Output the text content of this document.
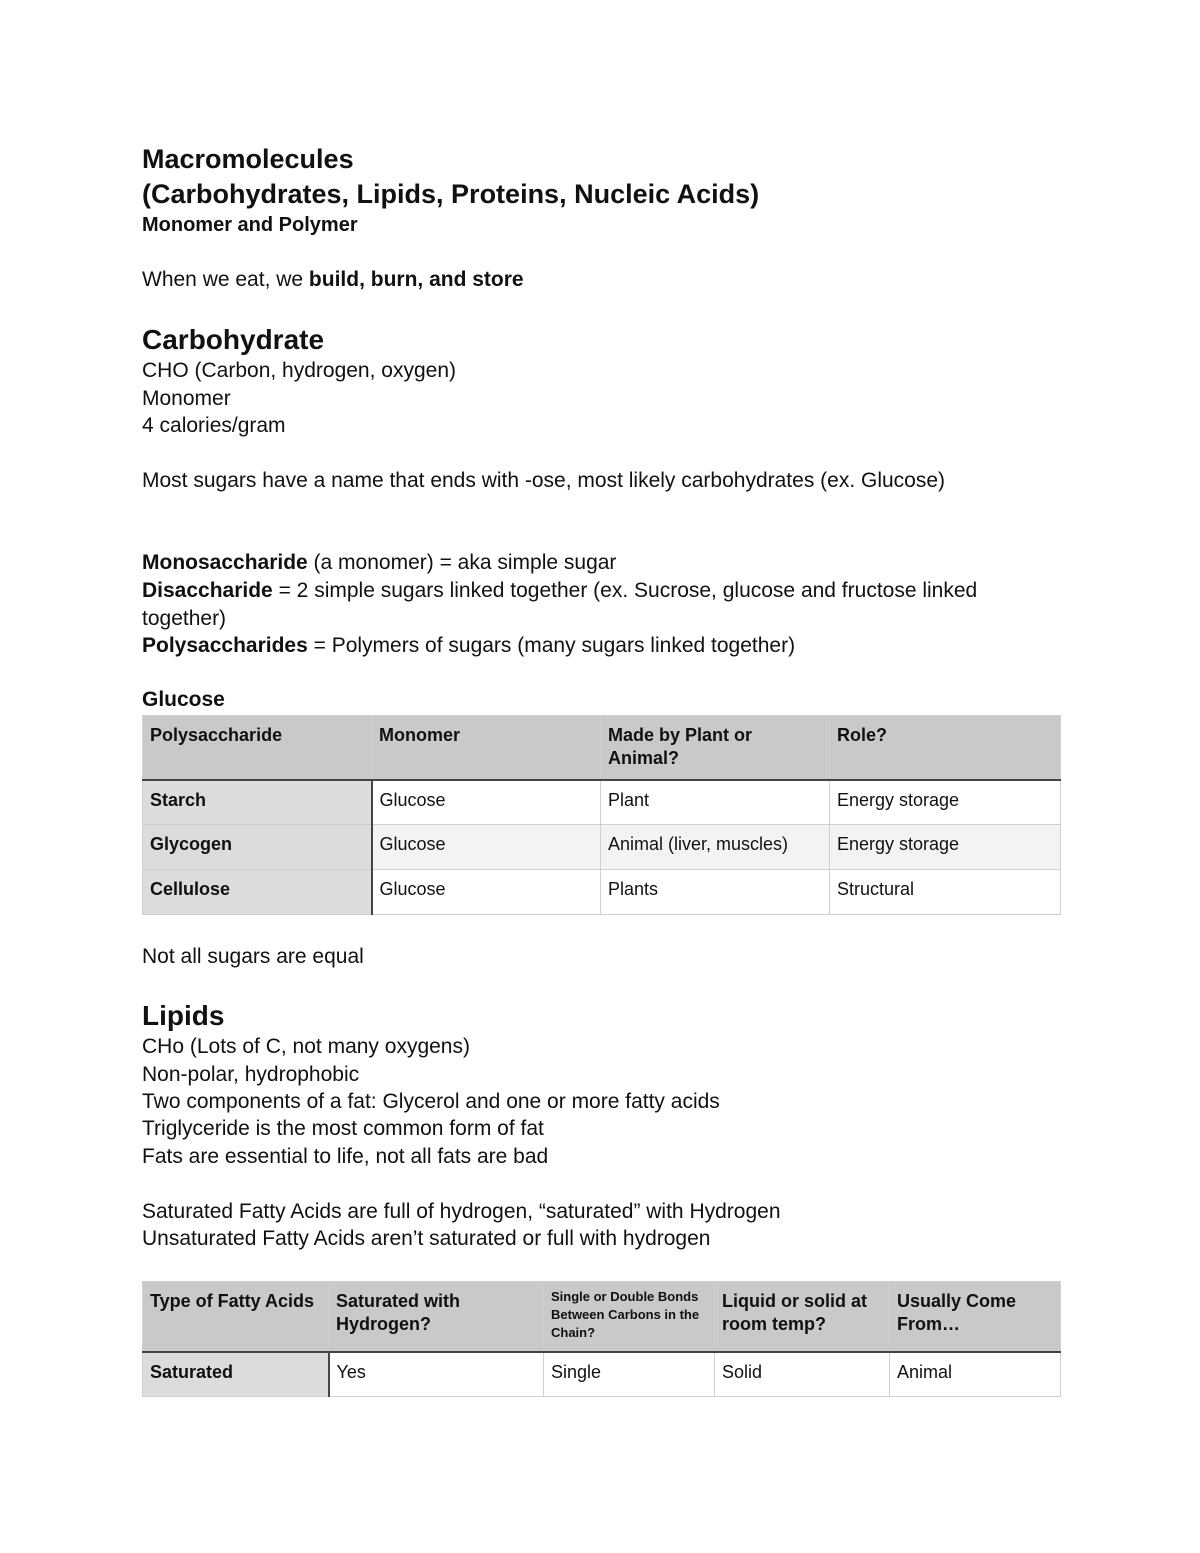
Macromolecules
(Carbohydrates, Lipids, Proteins, Nucleic Acids)
Monomer and Polymer
When we eat, we build, burn, and store
Carbohydrate
CHO (Carbon, hydrogen, oxygen)
Monomer
4 calories/gram
Most sugars have a name that ends with -ose, most likely carbohydrates (ex. Glucose)
Monosaccharide (a monomer) = aka simple sugar
Disaccharide = 2 simple sugars linked together (ex. Sucrose, glucose and fructose linked together)
Polysaccharides = Polymers of sugars (many sugars linked together)
Glucose
Polysaccharide	Monomer	Made by Plant or Animal?	Role?
Starch	Glucose	Plant	Energy storage
Glycogen	Glucose	Animal (liver, muscles)	Energy storage
Cellulose	Glucose	Plants	Structural
Not all sugars are equal
Lipids
CHo (Lots of C, not many oxygens)
Non-polar, hydrophobic
Two components of a fat: Glycerol and one or more fatty acids
Triglyceride is the most common form of fat
Fats are essential to life, not all fats are bad
Saturated Fatty Acids are full of hydrogen, “saturated” with Hydrogen
Unsaturated Fatty Acids aren’t saturated or full with hydrogen
Type of Fatty Acids	Saturated with Hydrogen?	Single or Double Bonds Between Carbons in the Chain?	Liquid or solid at room temp?	Usually Come From…
Saturated	Yes	Single	Solid	Animal
